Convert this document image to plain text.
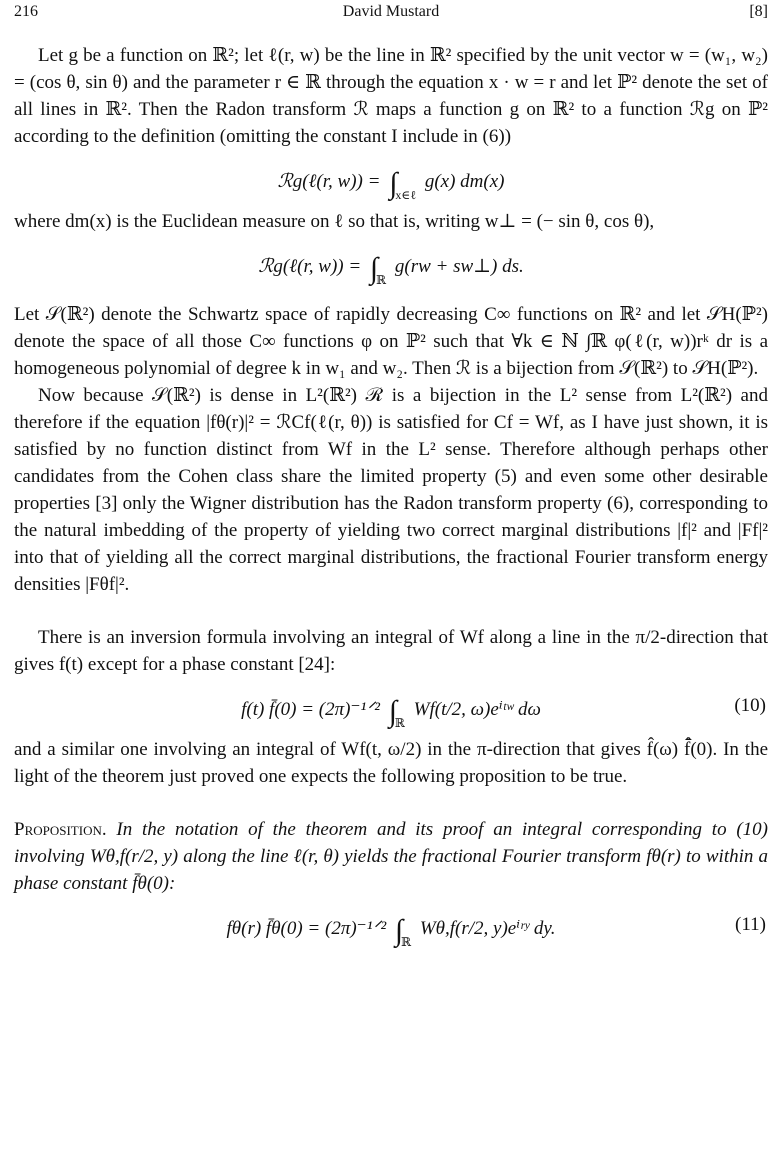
216	David Mustard	[8]

Let g be a function on ℝ²; let ℓ(r, w) be the line in ℝ² specified by the unit vector w = (w₁, w₂) = (cos θ, sin θ) and the parameter r ∈ ℝ through the equation x · w = r and let ℙ² denote the set of all lines in ℝ². Then the Radon transform ℛ maps a function g on ℝ² to a function ℛg on ℙ² according to the definition (omitting the constant I include in (6))

ℛg(ℓ(r, $w)) = \int_{x\in\ell}$ g(x) dm(x)

where dm(x) is the Euclidean measure on ℓ so that is, writing w⊥ = (− sin θ, cos θ),

ℛg(ℓ(r, $w)) = \int_ℝ$ g(rw + sw⊥) ds.

Let 𝒮(ℝ²) denote the Schwartz space of rapidly decreasing C∞ functions on ℝ² and let 𝒮H(ℙ²) denote the space of all those C∞ functions φ on ℙ² such that ∀k ∈ ℕ ∫ℝ φ(ℓ(r, w))rᵏ dr is a homogeneous polynomial of degree k in w₁ and w₂. Then ℛ is a bijection from 𝒮(ℝ²) to 𝒮H(ℙ²).

Now because 𝒮(ℝ²) is dense in L²(ℝ²) ℛ is a bijection in the L² sense from L²(ℝ²) and therefore if the equation |fθ(r)|² = ℛCf(ℓ(r, θ)) is satisfied for Cf = Wf, as I have just shown, it is satisfied by no function distinct from Wf in the L² sense. Therefore although perhaps other candidates from the Cohen class share the limited property (5) and even some other desirable properties [3] only the Wigner distribution has the Radon transform property (6), corresponding to the natural imbedding of the property of yielding two correct marginal distributions |f|² and |Ff|² into that of yielding all the correct marginal distributions, the fractional Fourier transform energy densities |Fθf|².

There is an inversion formula involving an integral of Wf along a line in the π/2-direction that gives f(t) except for a phase constant [24]:

f(t) f̄(0) = (2π)⁻¹ᐟ² $\int_ℝ$ Wf(t/2, ω)eⁱᵗʷ dω	(10)

and a similar one involving an integral of Wf(t, ω/2) in the π-direction that gives f̂(ω) f̂̄(0). In the light of the theorem just proved one expects the following proposition to be true.

Proposition. In the notation of the theorem and its proof an integral corresponding to (10) involving Wθ,f(r/2, y) along the line ℓ(r, θ) yields the fractional Fourier transform fθ(r) to within a phase constant f̄θ(0):

fθ(r) f̄θ(0) = (2π)⁻¹ᐟ² $\int_ℝ$ Wθ,f(r/2, y)eⁱʳʸ dy.	(11)
